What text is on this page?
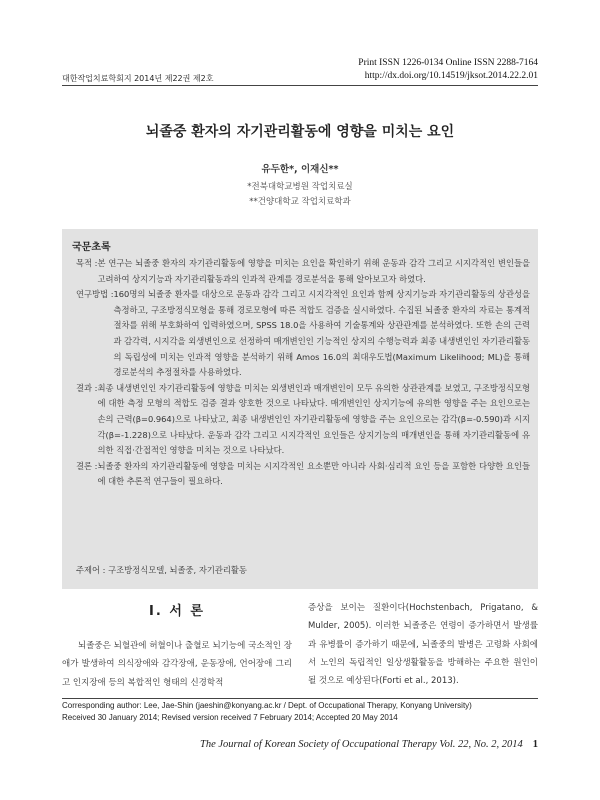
대한작업치료학회지 2014년 제22권 제2호
Print ISSN 1226-0134 Online ISSN 2288-7164
http://dx.doi.org/10.14519/jksot.2014.22.2.01
뇌졸중 환자의 자기관리활동에 영향을 미치는 요인
유두한*, 이재신**
*전북대학교병원 작업치료실
**건양대학교 작업치료학과
국문초록
목적 : 본 연구는 뇌졸중 환자의 자기관리활동에 영향을 미치는 요인을 확인하기 위해 운동과 감각 그리고 시지각적인 변인들을 고려하여 상지기능과 자기관리활동과의 인과적 관계를 경로분석을 통해 알아보고자 하였다.
연구방법 : 160명의 뇌졸중 환자를 대상으로 운동과 감각 그리고 시지각적인 요인과 함께 상지기능과 자기관리활동의 상관성을 측정하고, 구조방정식모형을 통해 경로모형에 따른 적합도 검증을 실시하였다. 수집된 뇌졸중 환자의 자료는 통계적 절차를 위해 부호화하여 입력하였으며, SPSS 18.0을 사용하여 기술통계와 상관관계를 분석하였다. 또한 손의 근력과 감각력, 시지각을 외생변인으로 선정하여 매개변인인 기능적인 상지의 수행능력과 최종 내생변인인 자기관리활동의 독립성에 미치는 인과적 영향을 분석하기 위해 Amos 16.0의 최대우도법(Maximum Likelihood; ML)을 통해 경로분석의 추정절차를 사용하였다.
결과 : 최종 내생변인인 자기관리활동에 영향을 미치는 외생변인과 매개변인이 모두 유의한 상관관계를 보였고, 구조방정식모형에 대한 측정 모형의 적합도 검증 결과 양호한 것으로 나타났다. 매개변인인 상지기능에 유의한 영향을 주는 요인으로는 손의 근력(β=0.964)으로 나타났고, 최종 내생변인인 자기관리활동에 영향을 주는 요인으로는 감각(β=-0.590)과 시지각(β=-1.228)으로 나타났다. 운동과 감각 그리고 시지각적인 요인들은 상지기능의 매개변인을 통해 자기관리활동에 유의한 직접·간접적인 영향을 미치는 것으로 나타났다.
결론 : 뇌졸중 환자의 자기관리활동에 영향을 미치는 시지각적인 요소뿐만 아니라 사회·심리적 요인 등을 포함한 다양한 요인들에 대한 추론적 연구들이 필요하다.
주제어 : 구조방정식모델, 뇌졸중, 자기관리활동
Ⅰ. 서 론
뇌졸중은 뇌혈관에 허혈이나 출혈로 뇌기능에 국소적인 장애가 발생하여 의식장애와 감각장애, 운동장애, 언어장애 그리고 인지장애 등의 복합적인 형태의 신경학적
증상을 보이는 질환이다(Hochstenbach, Prigatano, & Mulder, 2005). 이러한 뇌졸중은 연령이 증가하면서 발생률과 유병률이 증가하기 때문에, 뇌졸중의 발병은 고령화 사회에서 노인의 독립적인 일상생활활동을 방해하는 주요한 원인이 될 것으로 예상된다(Forti et al., 2013).
Corresponding author: Lee, Jae-Shin (jaeshin@konyang.ac.kr / Dept. of Occupational Therapy, Konyang University)
Received 30 January 2014; Revised version received 7 February 2014; Accepted 20 May 2014
The Journal of Korean Society of Occupational Therapy Vol. 22, No. 2, 2014 1
